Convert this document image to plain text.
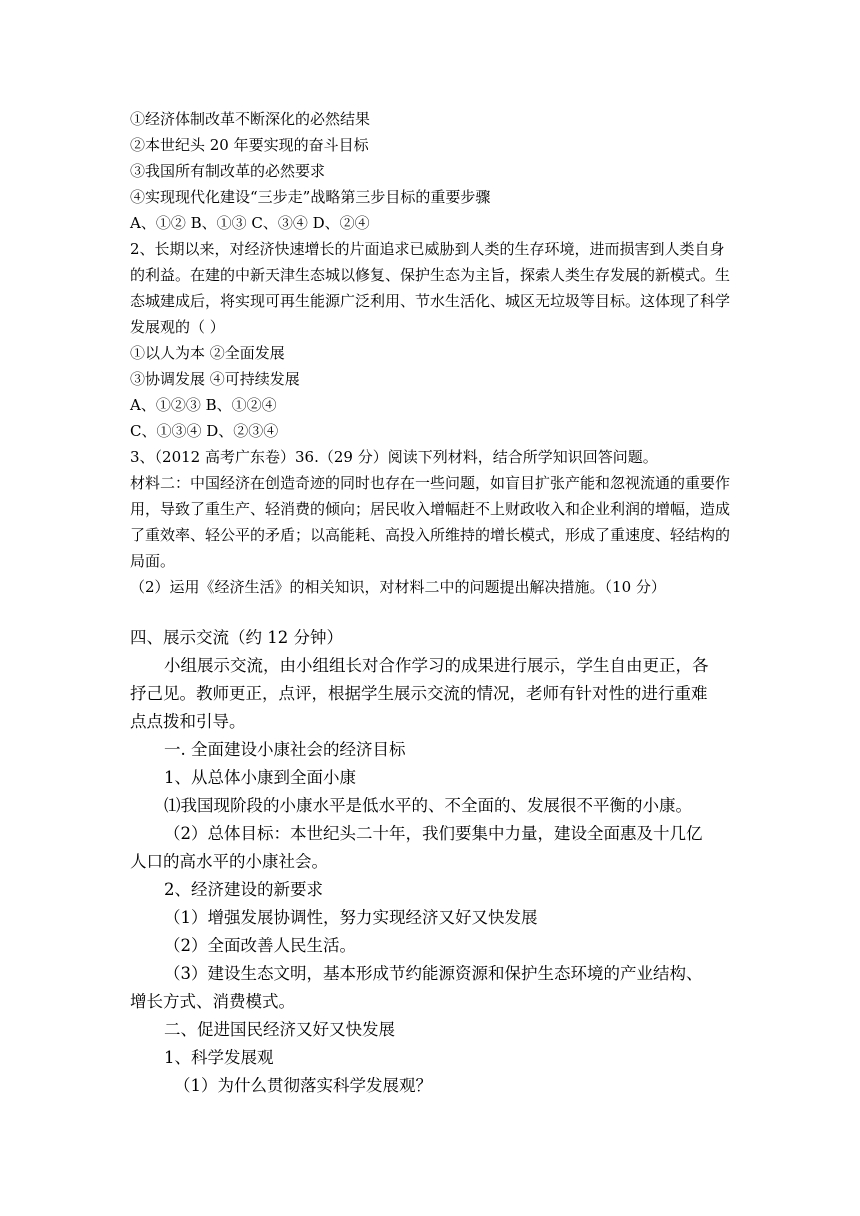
①经济体制改革不断深化的必然结果
②本世纪头 20 年要实现的奋斗目标
③我国所有制改革的必然要求
④实现现代化建设“三步走”战略第三步目标的重要步骤
A、①② B、①③ C、③④ D、②④
2、长期以来，对经济快速增长的片面追求已威胁到人类的生存环境，进而损害到人类自身
的利益。在建的中新天津生态城以修复、保护生态为主旨，探索人类生存发展的新模式。生
态城建成后，将实现可再生能源广泛利用、节水生活化、城区无垃圾等目标。这体现了科学
发展观的（ ）
①以人为本 ②全面发展
③协调发展 ④可持续发展
A、①②③ B、①②④
C、①③④ D、②③④
3、（2012 高考广东卷）36.（29 分）阅读下列材料，结合所学知识回答问题。
材料二：中国经济在创造奇迹的同时也存在一些问题，如盲目扩张产能和忽视流通的重要作
用，导致了重生产、轻消费的倾向；居民收入增幅赶不上财政收入和企业利润的增幅，造成
了重效率、轻公平的矛盾；以高能耗、高投入所维持的增长模式，形成了重速度、轻结构的
局面。
（2）运用《经济生活》的相关知识，对材料二中的问题提出解决措施。（10 分）
四、展示交流（约 12 分钟）
小组展示交流，由小组组长对合作学习的成果进行展示，学生自由更正，各
抒己见。教师更正，点评，根据学生展示交流的情况，老师有针对性的进行重难
点点拨和引导。
一. 全面建设小康社会的经济目标
1、从总体小康到全面小康
⑴我国现阶段的小康水平是低水平的、不全面的、发展很不平衡的小康。
（2）总体目标：本世纪头二十年，我们要集中力量，建设全面惠及十几亿
人口的高水平的小康社会。
2、经济建设的新要求
（1）增强发展协调性，努力实现经济又好又快发展
（2）全面改善人民生活。
（3）建设生态文明，基本形成节约能源资源和保护生态环境的产业结构、
增长方式、消费模式。
二、促进国民经济又好又快发展
1、科学发展观
（1）为什么贯彻落实科学发展观？
